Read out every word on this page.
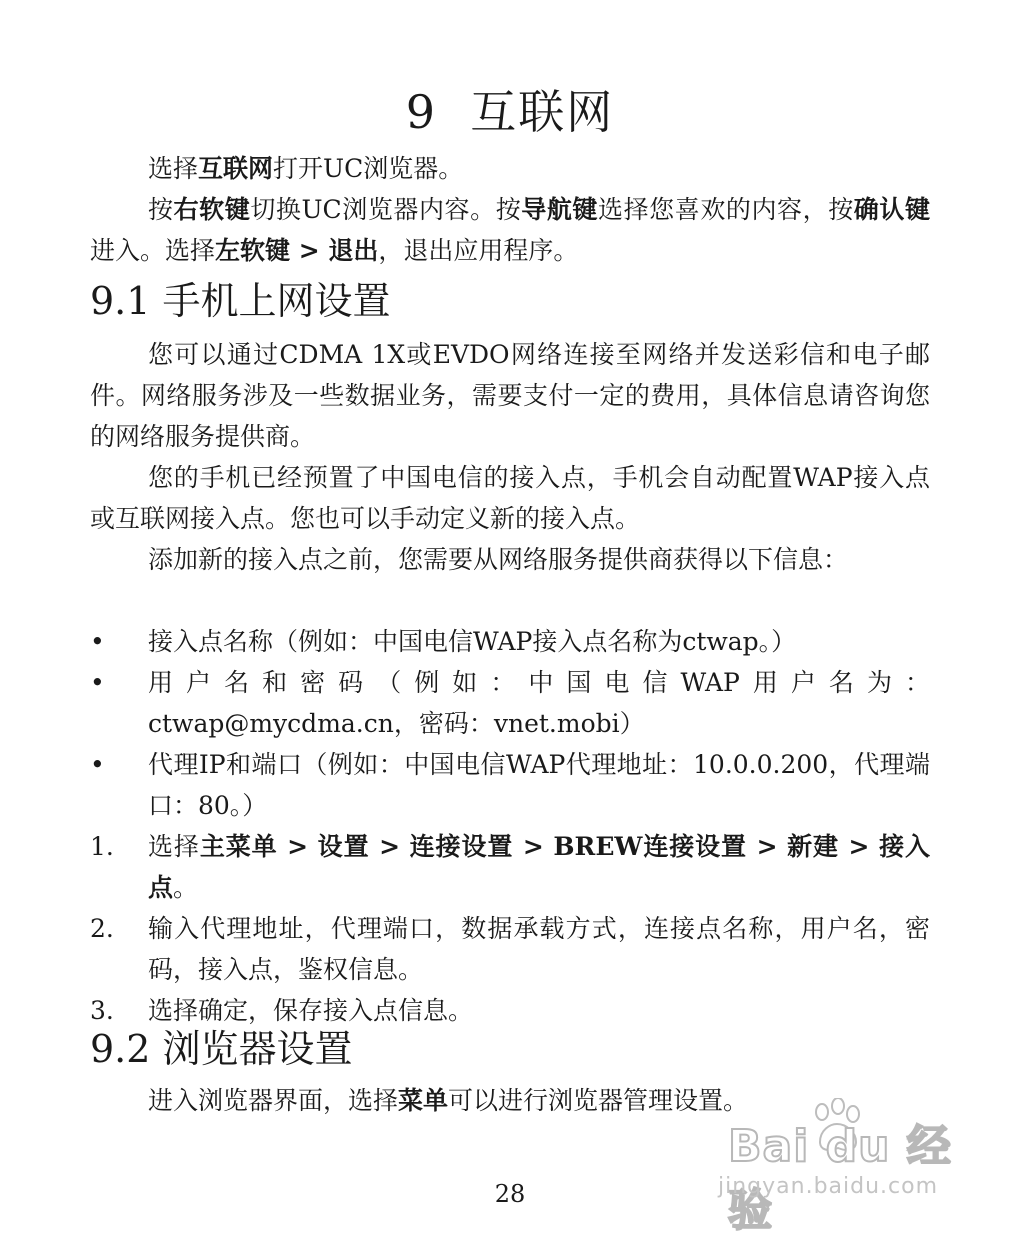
9 互联网

选择互联网打开UC浏览器。

按右软键切换UC浏览器内容。按导航键选择您喜欢的内容，按确认键进入。选择左软键 > 退出，退出应用程序。

9.1 手机上网设置

您可以通过CDMA 1X或EVDO网络连接至网络并发送彩信和电子邮件。网络服务涉及一些数据业务，需要支付一定的费用，具体信息请咨询您的网络服务提供商。

您的手机已经预置了中国电信的接入点，手机会自动配置WAP接入点或互联网接入点。您也可以手动定义新的接入点。

添加新的接入点之前，您需要从网络服务提供商获得以下信息：

•	接入点名称（例如：中国电信WAP接入点名称为ctwap。）
•	用户名和密码（例如：中国电信WAP用户名为：ctwap@mycdma.cn，密码：vnet.mobi）
•	代理IP和端口（例如：中国电信WAP代理地址：10.0.0.200，代理端口：80。）
1.	选择主菜单 > 设置 > 连接设置 > BREW连接设置 > 新建 > 接入点。
2.	输入代理地址，代理端口，数据承载方式，连接点名称，用户名，密码，接入点，鉴权信息。
3.	选择确定，保存接入点信息。
9.2 浏览器设置

进入浏览器界面，选择菜单可以进行浏览器管理设置。

28
Bai du 经验
jingyan.baidu.com
